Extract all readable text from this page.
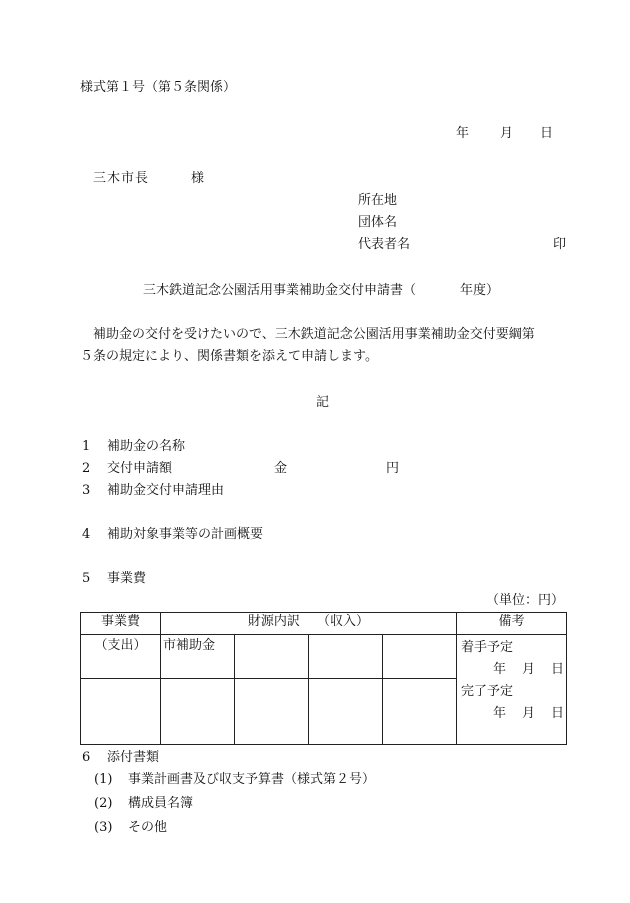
様式第１号（第５条関係）
年 月 日
三木市長	様
所在地
団体名
代表者名	印
三木鉄道記念公園活用事業補助金交付申請書（	年度）
補助金の交付を受けたいので、三木鉄道記念公園活用事業補助金交付要綱第
５条の規定により、関係書類を添えて申請します。
記
1 補助金の名称
2 交付申請額	金	円
3 補助金交付申請理由
4 補助対象事業等の計画概要
5 事業費
（単位：円）
事業費	財源内訳　 （収入）				備考
（支出）	市補助金				着手予定
年 月 日
完了予定
年 月 日

6 添付書類
(1) 事業計画書及び収支予算書（様式第２号）
(2) 構成員名簿
(3) その他
